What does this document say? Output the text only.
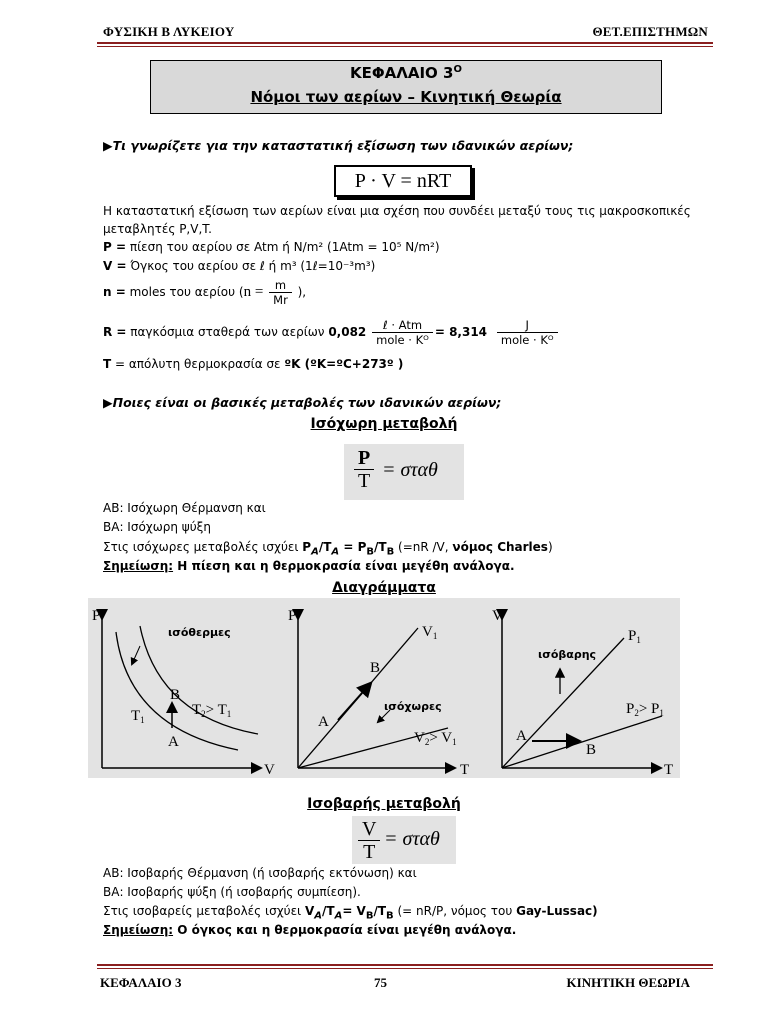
ΦΥΣΙΚΗ Β ΛΥΚΕΙΟΥ	ΘΕΤ.ΕΠΙΣΤΗΜΩΝ
ΚΕΦΑΛΑΙΟ $3^O$
Νόμοι των αερίων – Κινητική Θεωρία
▶Τι γνωρίζετε για την καταστατική εξίσωση των ιδανικών αερίων;
P · V = nRT
Η καταστατική εξίσωση των αερίων είναι μια σχέση που συνδέει μεταξύ τους τις μακροσκοπικές
μεταβλητές P,V,T.
P = πίεση του αερίου σε Atm ή N/m² (1Atm = 10⁵ N/m²)
V = Όγκος του αερίου σε ℓ ή m³ (1ℓ=10⁻³m³)
n = moles του αερίου ($n = \frac{m}{Mr}$ ),
R = παγκόσμια σταθερά των αερίων $0,082 \frac{\text{ℓ · Atm}}{\text{mole · Kᴼ}} = 8,314 \frac{J}{\text{mole · Kᴼ}}$
T = απόλυτη θερμοκρασία σε ºK (ºK=ºC+273º )
▶Ποιες είναι οι βασικές μεταβολές των ιδανικών αερίων;
Ισόχωρη μεταβολή
P
T = σταθ
ΑΒ: Ισόχωρη Θέρμανση και
ΒΑ: Ισόχωρη ψύξη
Στις ισόχωρες μεταβολές ισχύει $P_A/T_A = P_B/T_B$ (=nR /V, νόμος Charles)
Σημείωση: Η πίεση και η θερμοκρασία είναι μεγέθη ανάλογα.
Διαγράμματα
P
V
ισόθερμες
$T_1$
$T_2> T_1$
A
B
P
T
ισόχωρες
$V_1$
$V_2> V_1$
A
B
V
T
ισόβαρης
$P_1$
$P_2> P_1$
A
B
Ισοβαρής μεταβολή
V
T
= σταθ
ΑΒ: Ισοβαρής Θέρμανση (ή ισοβαρής εκτόνωση) και
ΒΑ: Ισοβαρής ψύξη (ή ισοβαρής συμπίεση).
Στις ισοβαρείς μεταβολές ισχύει $V_A/T_A= V_B/T_B$ (= nR/P, νόμος του Gay-Lussac)
Σημείωση: Ο όγκος και η θερμοκρασία είναι μεγέθη ανάλογα.
ΚΕΦΑΛΑΙΟ 3	75	ΚΙΝΗΤΙΚΗ ΘΕΩΡΙΑ
